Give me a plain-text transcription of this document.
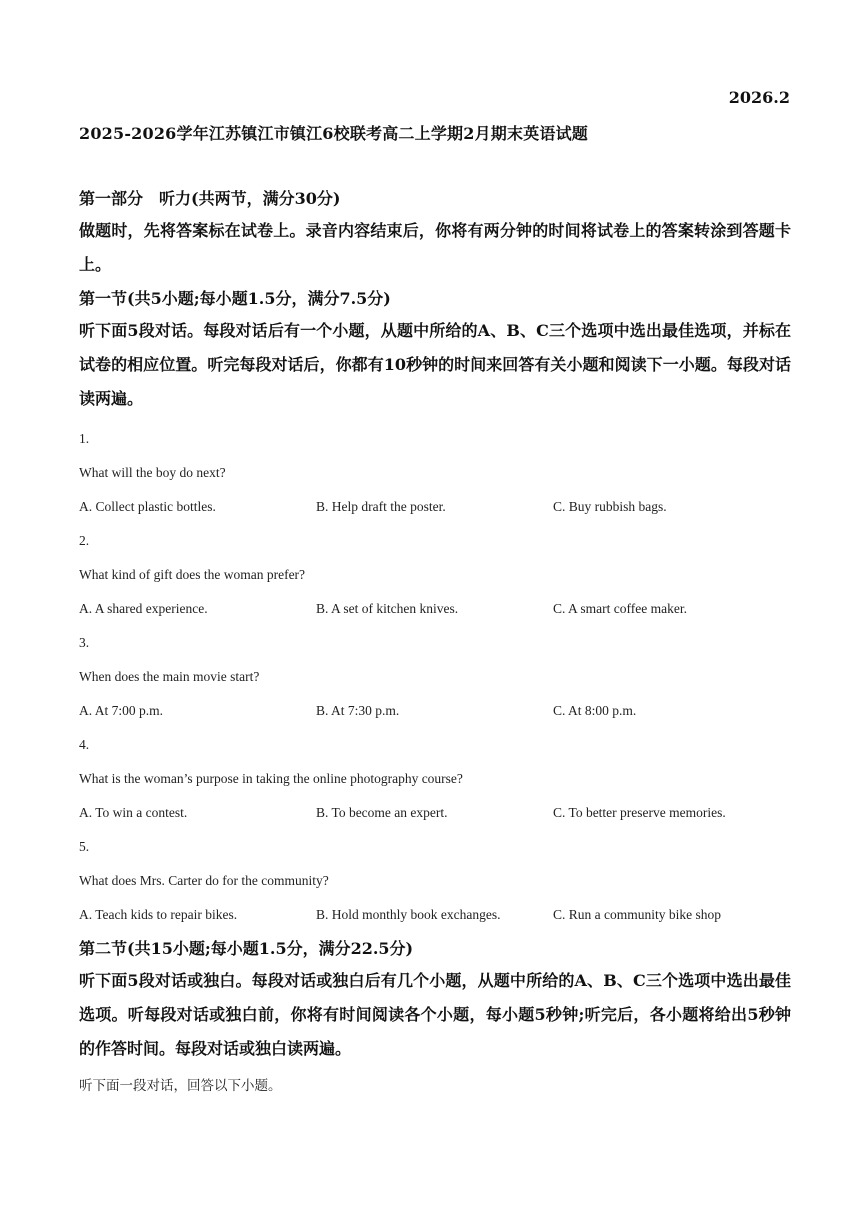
2026.2
2025-2026学年江苏镇江市镇江6校联考高二上学期2月期末英语试题

第一部分　听力(共两节，满分30分)

做题时，先将答案标在试卷上。录音内容结束后，你将有两分钟的时间将试卷上的答案转涂到答题卡上。

第一节(共5小题;每小题1.5分，满分7.5分)

听下面5段对话。每段对话后有一个小题，从题中所给的A、B、C三个选项中选出最佳选项，并标在试卷的相应位置。听完每段对话后，你都有10秒钟的时间来回答有关小题和阅读下一小题。每段对话读两遍。

1.
What will the boy do next?
A. Collect plastic bottles.	B. Help draft the poster.	C. Buy rubbish bags.
2.
What kind of gift does the woman prefer?
A. A shared experience.	B. A set of kitchen knives.	C. A smart coffee maker.
3.
When does the main movie start?
A. At 7:00 p.m.	B. At 7:30 p.m.	C. At 8:00 p.m.
4.
What is the woman’s purpose in taking the online photography course?
A. To win a contest.	B. To become an expert.	C. To better preserve memories.
5.
What does Mrs. Carter do for the community?
A. Teach kids to repair bikes.	B. Hold monthly book exchanges.	C. Run a community bike shop

第二节(共15小题;每小题1.5分，满分22.5分)

听下面5段对话或独白。每段对话或独白后有几个小题，从题中所给的A、B、C三个选项中选出最佳选项。听每段对话或独白前，你将有时间阅读各个小题，每小题5秒钟;听完后，各小题将给出5秒钟的作答时间。每段对话或独白读两遍。

听下面一段对话，回答以下小题。
